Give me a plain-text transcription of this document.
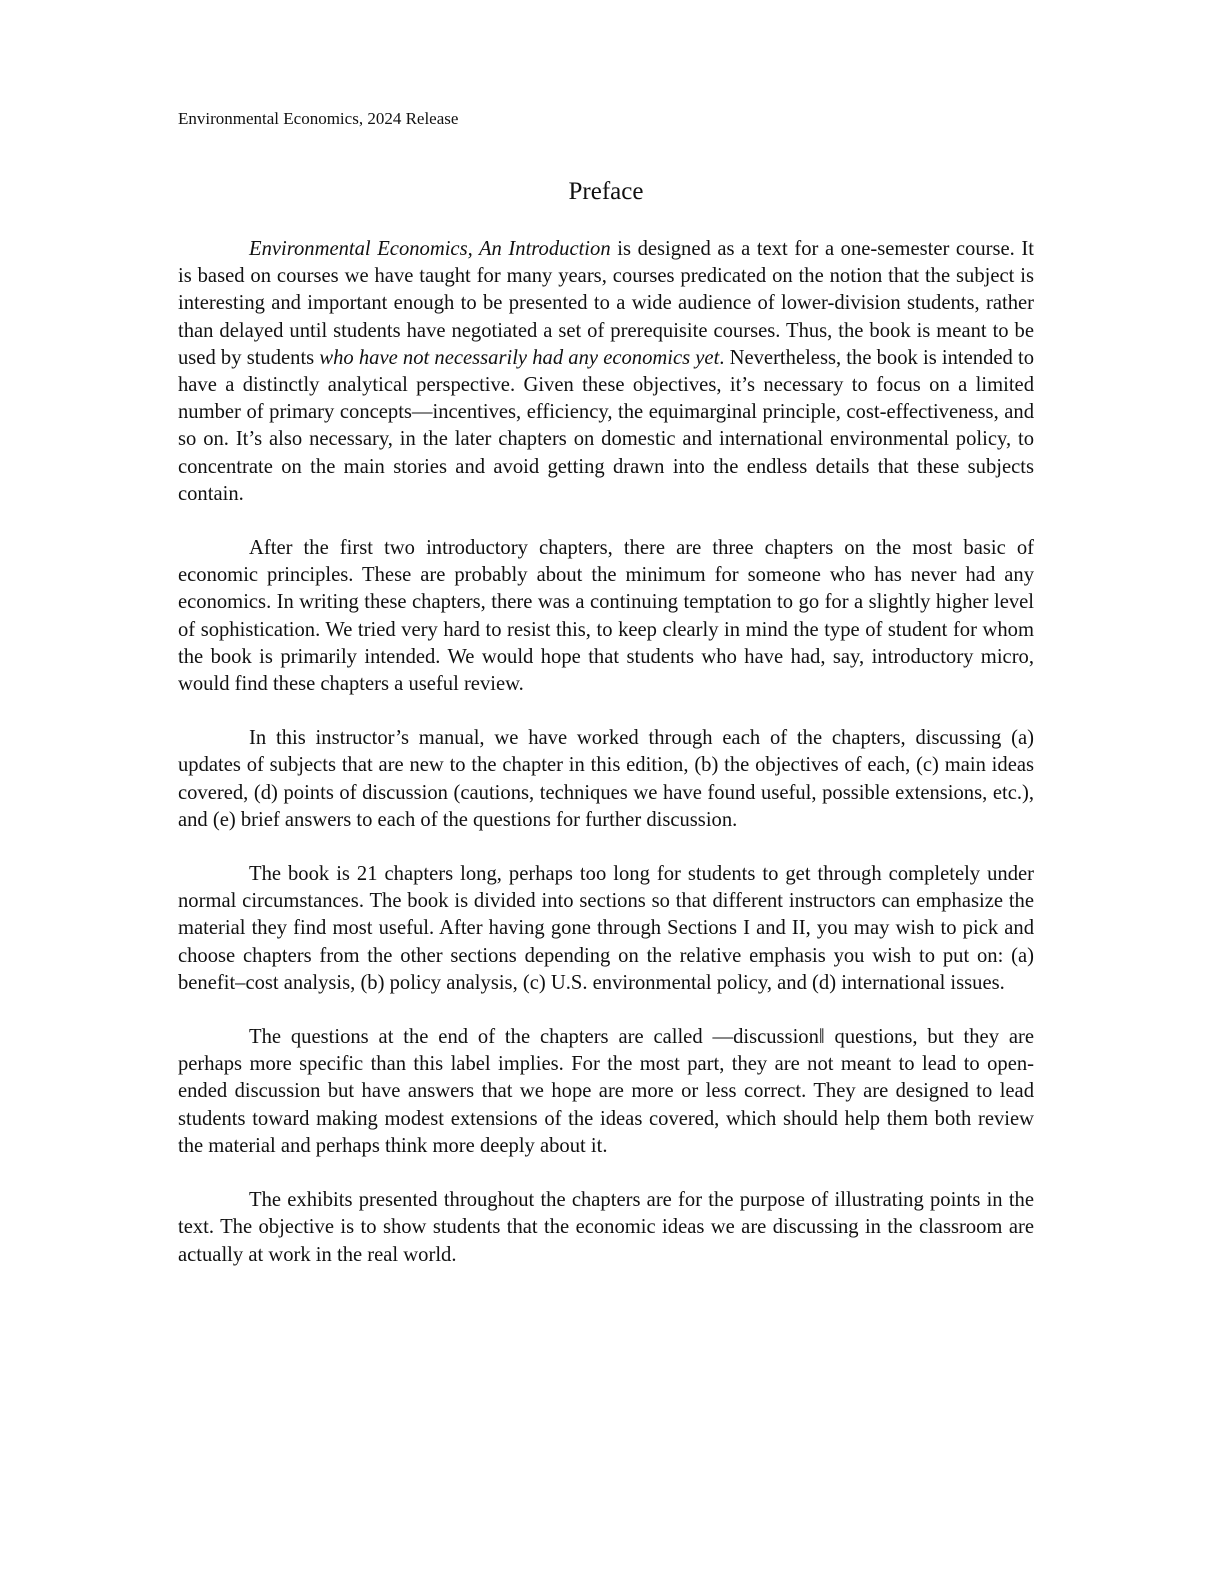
Environmental Economics, 2024 Release
Preface

Environmental Economics, An Introduction is designed as a text for a one-semester course. It is based on courses we have taught for many years, courses predicated on the notion that the subject is interesting and important enough to be presented to a wide audience of lower-division students, rather than delayed until students have negotiated a set of prerequisite courses. Thus, the book is meant to be used by students who have not necessarily had any economics yet. Nevertheless, the book is intended to have a distinctly analytical perspective. Given these objectives, it’s necessary to focus on a limited number of primary concepts—incentives, efficiency, the equimarginal principle, cost-effectiveness, and so on. It’s also necessary, in the later chapters on domestic and international environmental policy, to concentrate on the main stories and avoid getting drawn into the endless details that these subjects contain.

After the first two introductory chapters, there are three chapters on the most basic of economic principles. These are probably about the minimum for someone who has never had any economics. In writing these chapters, there was a continuing temptation to go for a slightly higher level of sophistication. We tried very hard to resist this, to keep clearly in mind the type of student for whom the book is primarily intended. We would hope that students who have had, say, introductory micro, would find these chapters a useful review.

In this instructor’s manual, we have worked through each of the chapters, discussing (a) updates of subjects that are new to the chapter in this edition, (b) the objectives of each, (c) main ideas covered, (d) points of discussion (cautions, techniques we have found useful, possible extensions, etc.), and (e) brief answers to each of the questions for further discussion.

The book is 21 chapters long, perhaps too long for students to get through completely under normal circumstances. The book is divided into sections so that different instructors can emphasize the material they find most useful. After having gone through Sections I and II, you may wish to pick and choose chapters from the other sections depending on the relative emphasis you wish to put on: (a) benefit–cost analysis, (b) policy analysis, (c) U.S. environmental policy, and (d) international issues.

The questions at the end of the chapters are called ―discussion‖ questions, but they are perhaps more specific than this label implies. For the most part, they are not meant to lead to open-ended discussion but have answers that we hope are more or less correct. They are designed to lead students toward making modest extensions of the ideas covered, which should help them both review the material and perhaps think more deeply about it.

The exhibits presented throughout the chapters are for the purpose of illustrating points in the text. The objective is to show students that the economic ideas we are discussing in the classroom are actually at work in the real world.
